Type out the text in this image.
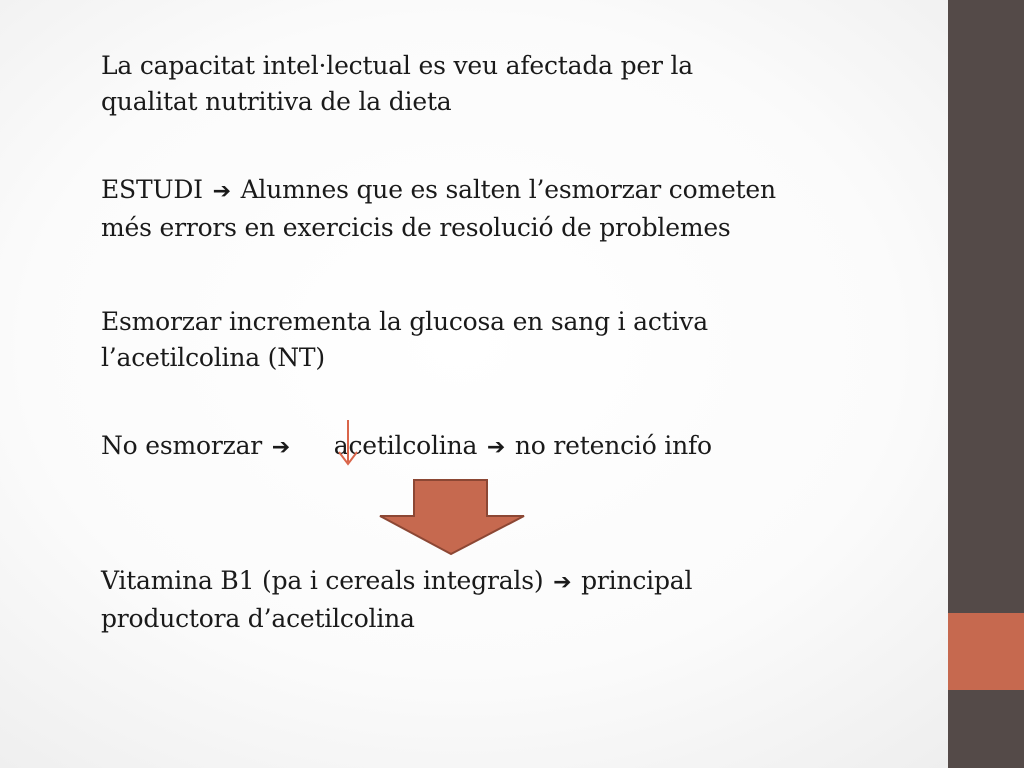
La capacitat intel·lectual es veu afectada per la
qualitat nutritiva de la dieta

ESTUDI ➔ Alumnes que es salten l’esmorzar cometen
més errors en exercicis de resolució de problemes

Esmorzar incrementa la glucosa en sang i activa
l’acetilcolina (NT)

No esmorzar ➔ acetilcolina ➔ no retenció info

Vitamina B1 (pa i cereals integrals) ➔ principal
productora d’acetilcolina
